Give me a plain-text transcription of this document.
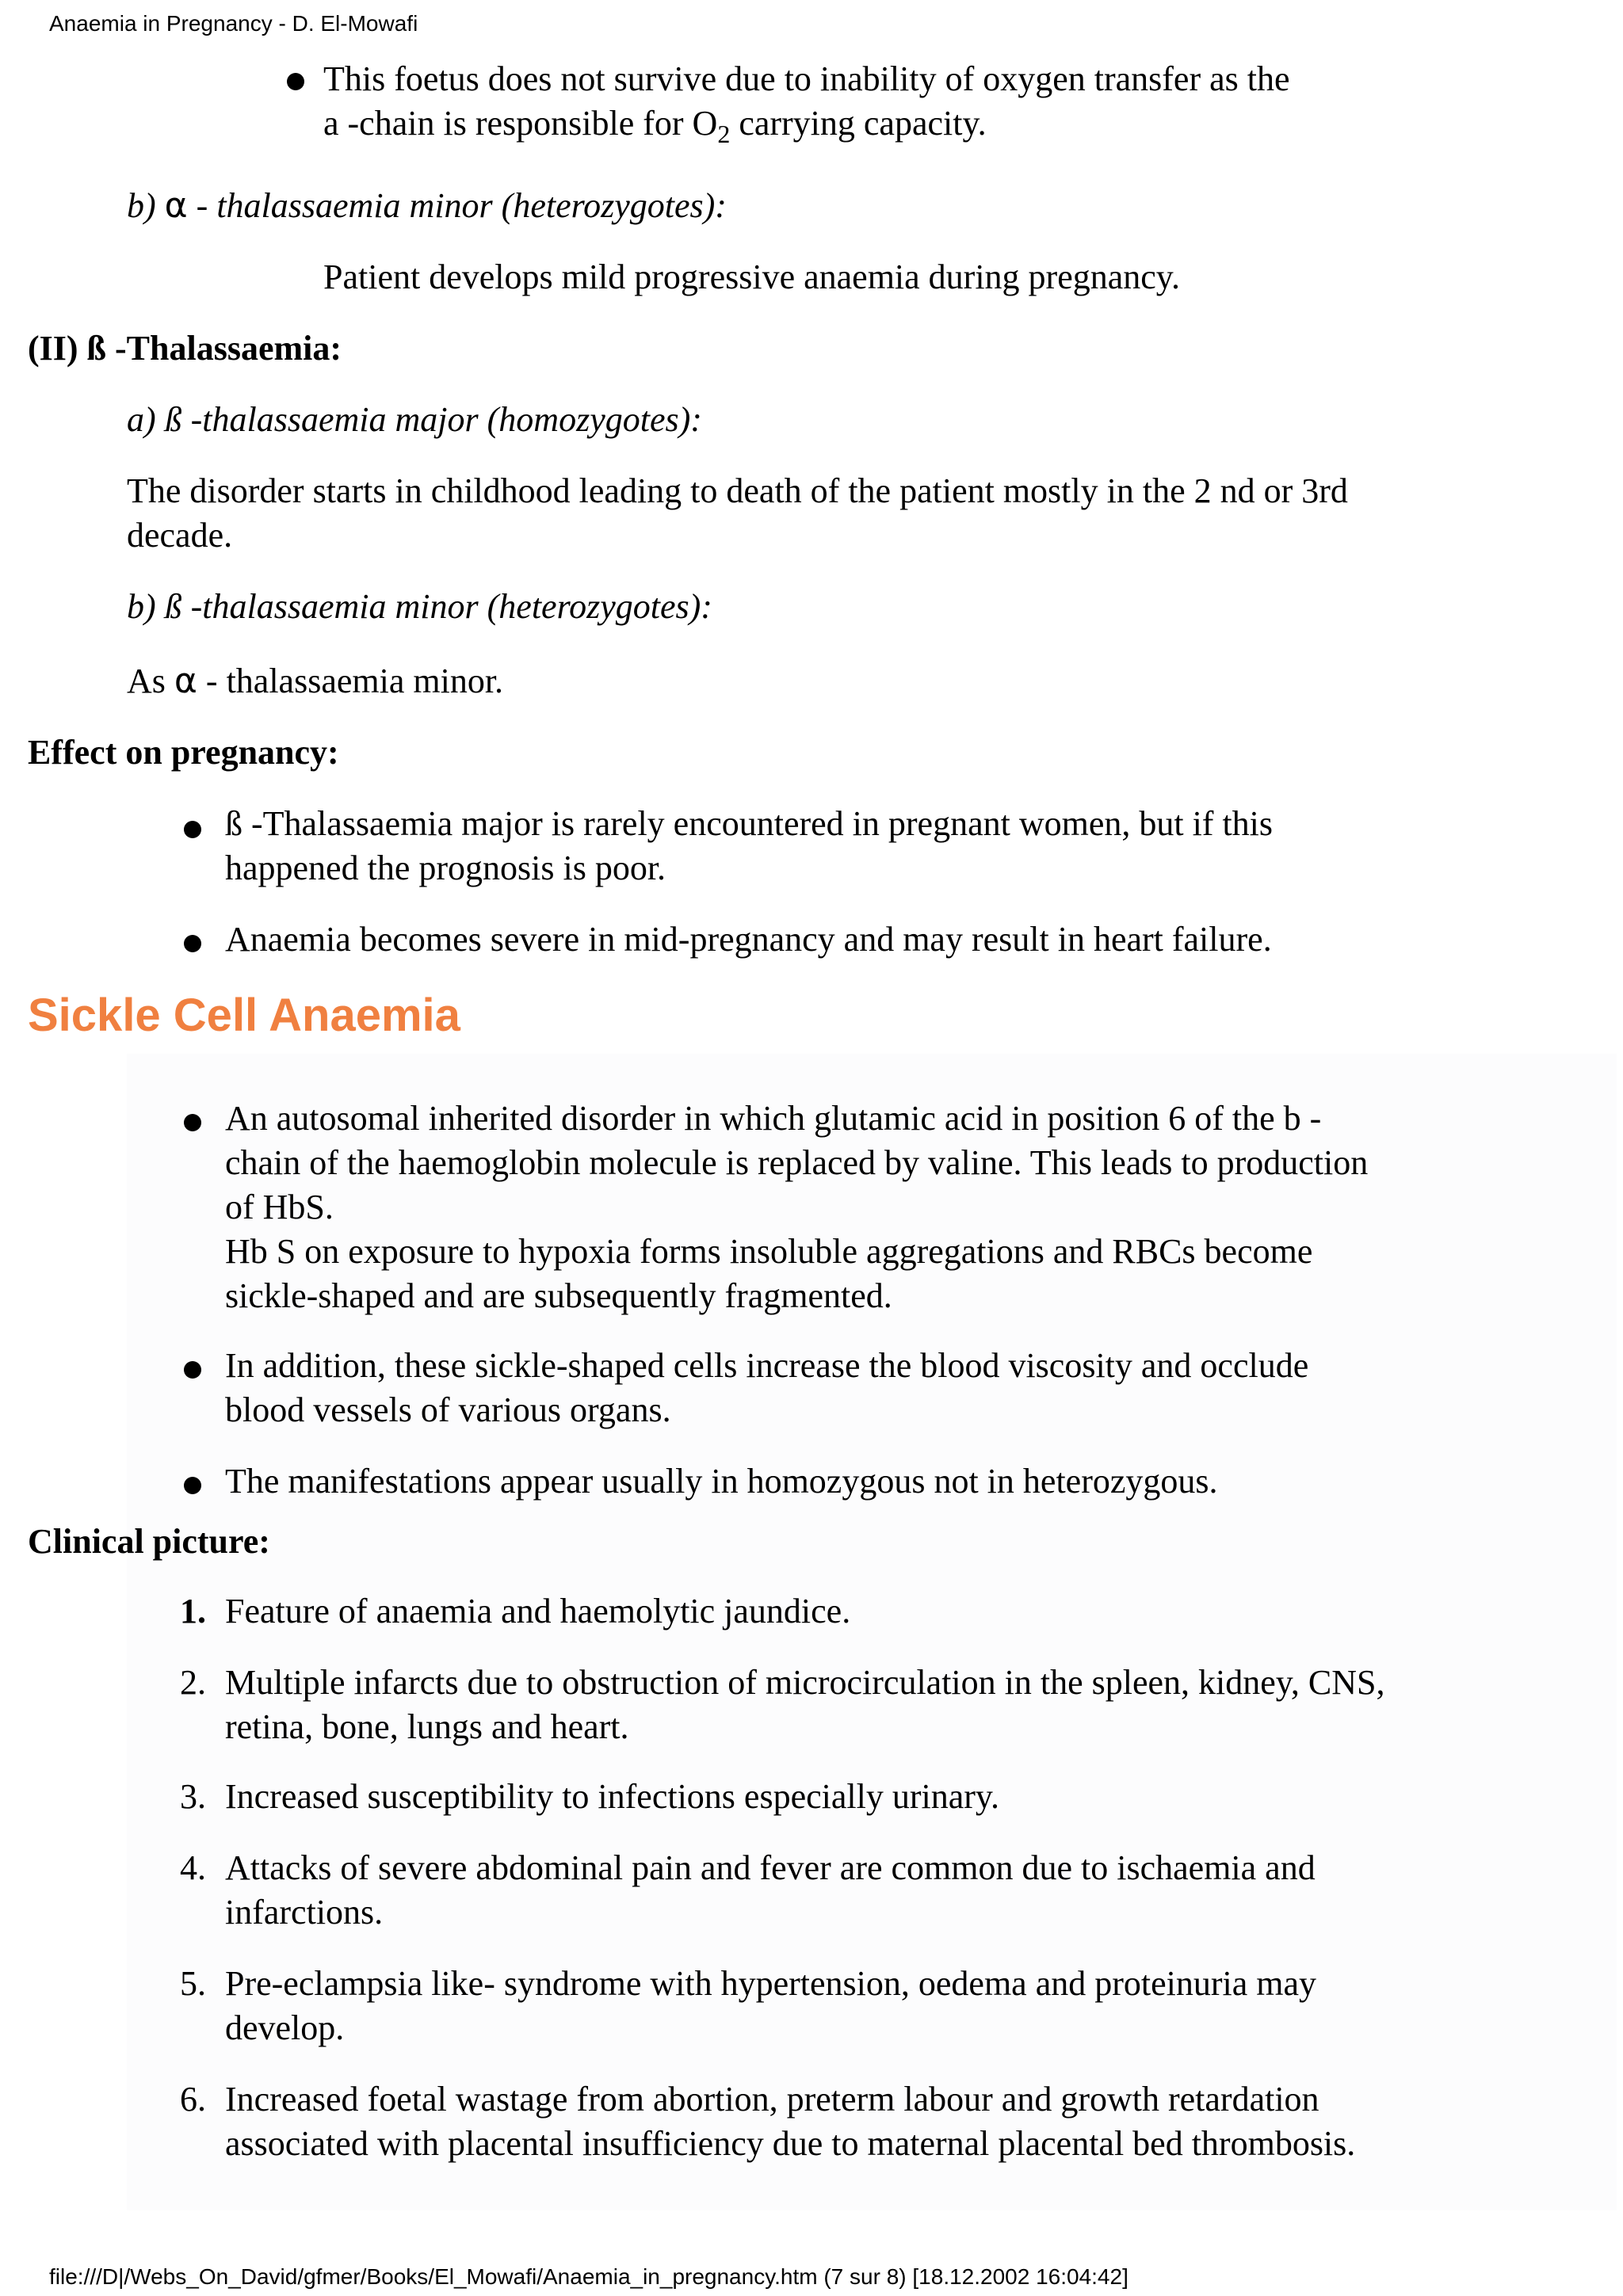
Anaemia in Pregnancy - D. El-Mowafi

This foetus does not survive due to inability of oxygen transfer as the
a -chain is responsible for $O_2$ carrying capacity.

b) α - thalassaemia minor (heterozygotes):

Patient develops mild progressive anaemia during pregnancy.

(II) ß -Thalassaemia:

a) ß -thalassaemia major (homozygotes):

The disorder starts in childhood leading to death of the patient mostly in the 2 nd or 3rd
decade.

b) ß -thalassaemia minor (heterozygotes):

As α - thalassaemia minor.

Effect on pregnancy:

ß -Thalassaemia major is rarely encountered in pregnant women, but if this
happened the prognosis is poor.

Anaemia becomes severe in mid-pregnancy and may result in heart failure.

Sickle Cell Anaemia

An autosomal inherited disorder in which glutamic acid in position 6 of the b -
chain of the haemoglobin molecule is replaced by valine. This leads to production
of HbS.
Hb S on exposure to hypoxia forms insoluble aggregations and RBCs become
sickle-shaped and are subsequently fragmented.

In addition, these sickle-shaped cells increase the blood viscosity and occlude
blood vessels of various organs.

The manifestations appear usually in homozygous not in heterozygous.

Clinical picture:

1. Feature of anaemia and haemolytic jaundice.

2. Multiple infarcts due to obstruction of microcirculation in the spleen, kidney, CNS,
retina, bone, lungs and heart.

3. Increased susceptibility to infections especially urinary.

4. Attacks of severe abdominal pain and fever are common due to ischaemia and
infarctions.

5. Pre-eclampsia like- syndrome with hypertension, oedema and proteinuria may
develop.

6. Increased foetal wastage from abortion, preterm labour and growth retardation
associated with placental insufficiency due to maternal placental bed thrombosis.

file:///D|/Webs_On_David/gfmer/Books/El_Mowafi/Anaemia_in_pregnancy.htm (7 sur 8) [18.12.2002 16:04:42]
